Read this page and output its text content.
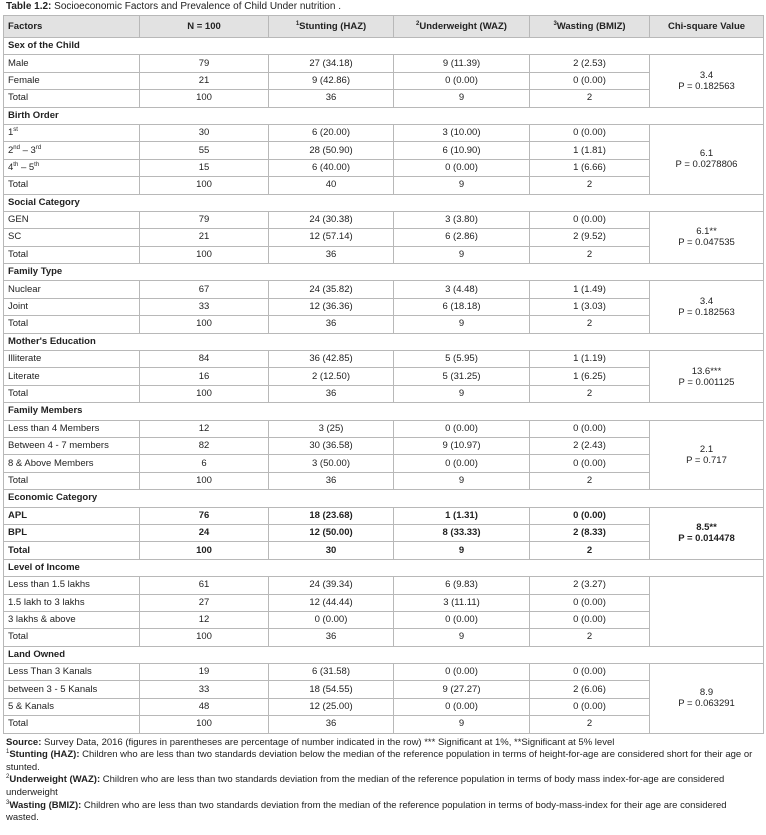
Table 1.2: Socioeconomic Factors and Prevalence of Child Under nutrition .
Factors	N = 100	$^1$Stunting (HAZ)	$^2$Underweight (WAZ)	$^3$Wasting (BMIZ)	Chi-square Value
Sex of the Child					
Male	79	27 (34.18)	9 (11.39)	2 (2.53)	3.4
P = 0.182563

Female	21	9 (42.86)	0 (0.00)	0 (0.00)	
Total	100	36	9	2	
Birth Order					
1st	30	6 (20.00)	3 (10.00)	0 (0.00)	6.1
P = 0.0278806

2nd – 3rd	55	28 (50.90)	6 (10.90)	1 (1.81)	
4th – 5th	15	6 (40.00)	0 (0.00)	1 (6.66)	
Total	100	40	9	2	
Social Category					
GEN	79	24 (30.38)	3 (3.80)	0 (0.00)	6.1**
P = 0.047535

SC	21	12 (57.14)	6 (2.86)	2 (9.52)	
Total	100	36	9	2	
Family Type					
Nuclear	67	24 (35.82)	3 (4.48)	1 (1.49)	3.4
P = 0.182563

Joint	33	12 (36.36)	6 (18.18)	1 (3.03)	
Total	100	36	9	2	
Mother's Education					
Illiterate	84	36 (42.85)	5 (5.95)	1 (1.19)	13.6***
P = 0.001125

Literate	16	2 (12.50)	5 (31.25)	1 (6.25)	
Total	100	36	9	2	
Family Members					
Less than 4 Members	12	3 (25)	0 (0.00)	0 (0.00)	2.1
P = 0.717

Between 4 - 7 members	82	30 (36.58)	9 (10.97)	2 (2.43)	
8 & Above Members	6	3 (50.00)	0 (0.00)	0 (0.00)	
Total	100	36	9	2	
Economic Category					
APL	76	18 (23.68)	1 (1.31)	0 (0.00)	8.5**
P = 0.014478

BPL	24	12 (50.00)	8 (33.33)	2 (8.33)	
Total	100	30	9	2	
Level of Income					
Less than 1.5 lakhs	61	24 (39.34)	6 (9.83)	2 (3.27)	

1.5 lakh to 3 lakhs	27	12 (44.44)	3 (11.11)	0 (0.00)	
3 lakhs & above	12	0 (0.00)	0 (0.00)	0 (0.00)	
Total	100	36	9	2	
Land Owned					
Less Than 3 Kanals	19	6 (31.58)	0 (0.00)	0 (0.00)	8.9
P = 0.063291

between 3 - 5 Kanals	33	18 (54.55)	9 (27.27)	2 (6.06)	
5 & Kanals	48	12 (25.00)	0 (0.00)	0 (0.00)	
Total	100	36	9	2	

Source: Survey Data, 2016 (figures in parentheses are percentage of number indicated in the row) *** Significant at 1%, **Significant at 5% level

$^1$Stunting (HAZ): Children who are less than two standards deviation below the median of the reference population in terms of height-for-age are considered short for their age or stunted.

$^2$Underweight (WAZ): Children who are less than two standards deviation from the median of the reference population in terms of body mass index-for-age are considered underweight

$^3$Wasting (BMIZ): Children who are less than two standards deviation from the median of the reference population in terms of body-mass-index for their age are considered wasted.
